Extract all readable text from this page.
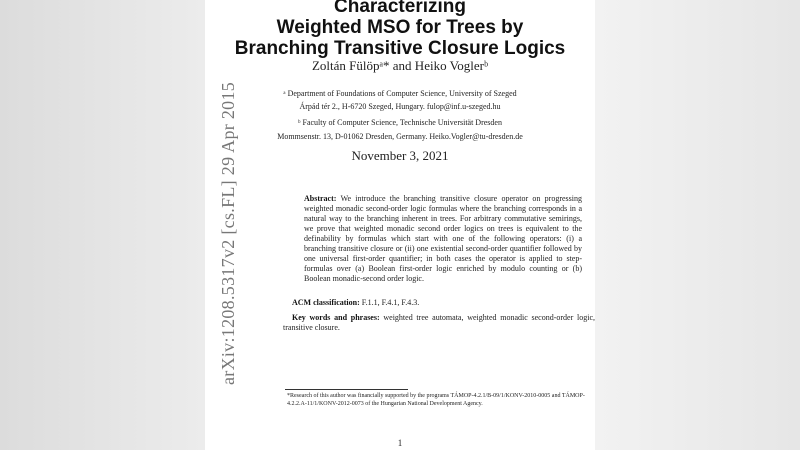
Characterizing
Weighted MSO for Trees by
Branching Transitive Closure Logics
Zoltán Fülöpᵃ* and Heiko Voglerᵇ
ᵃ Department of Foundations of Computer Science, University of Szeged
Árpád tér 2., H-6720 Szeged, Hungary. fulop@inf.u-szeged.hu
ᵇ Faculty of Computer Science, Technische Universität Dresden
Mommsenstr. 13, D-01062 Dresden, Germany. Heiko.Vogler@tu-dresden.de
November 3, 2021
1
arXiv:1208.5317v2 [cs.FL] 29 Apr 2015	Abstract: We introduce the branching transitive closure operator on progressing weighted monadic second-order logic formulas where the branching corresponds in a natural way to the branching inherent in trees. For arbitrary commutative semirings, we prove that weighted monadic second order logics on trees is equivalent to the definability by formulas which start with one of the following operators: (i) a branching transitive closure or (ii) one existential second-order quantifier followed by one universal first-order quantifier; in both cases the operator is applied to step-formulas over (a) Boolean first-order logic enriched by modulo counting or (b) Boolean monadic-second order logic.
ACM classification: F.1.1, F.4.1, F.4.3.
Key words and phrases: weighted tree automata, weighted monadic second-order logic, transitive closure.
*Research of this author was financially supported by the programs TÁMOP-4.2.1/B-09/1/KONV-2010-0005 and TÁMOP-4.2.2.A-11/1/KONV-2012-0073 of the Hungarian National Development Agency.
